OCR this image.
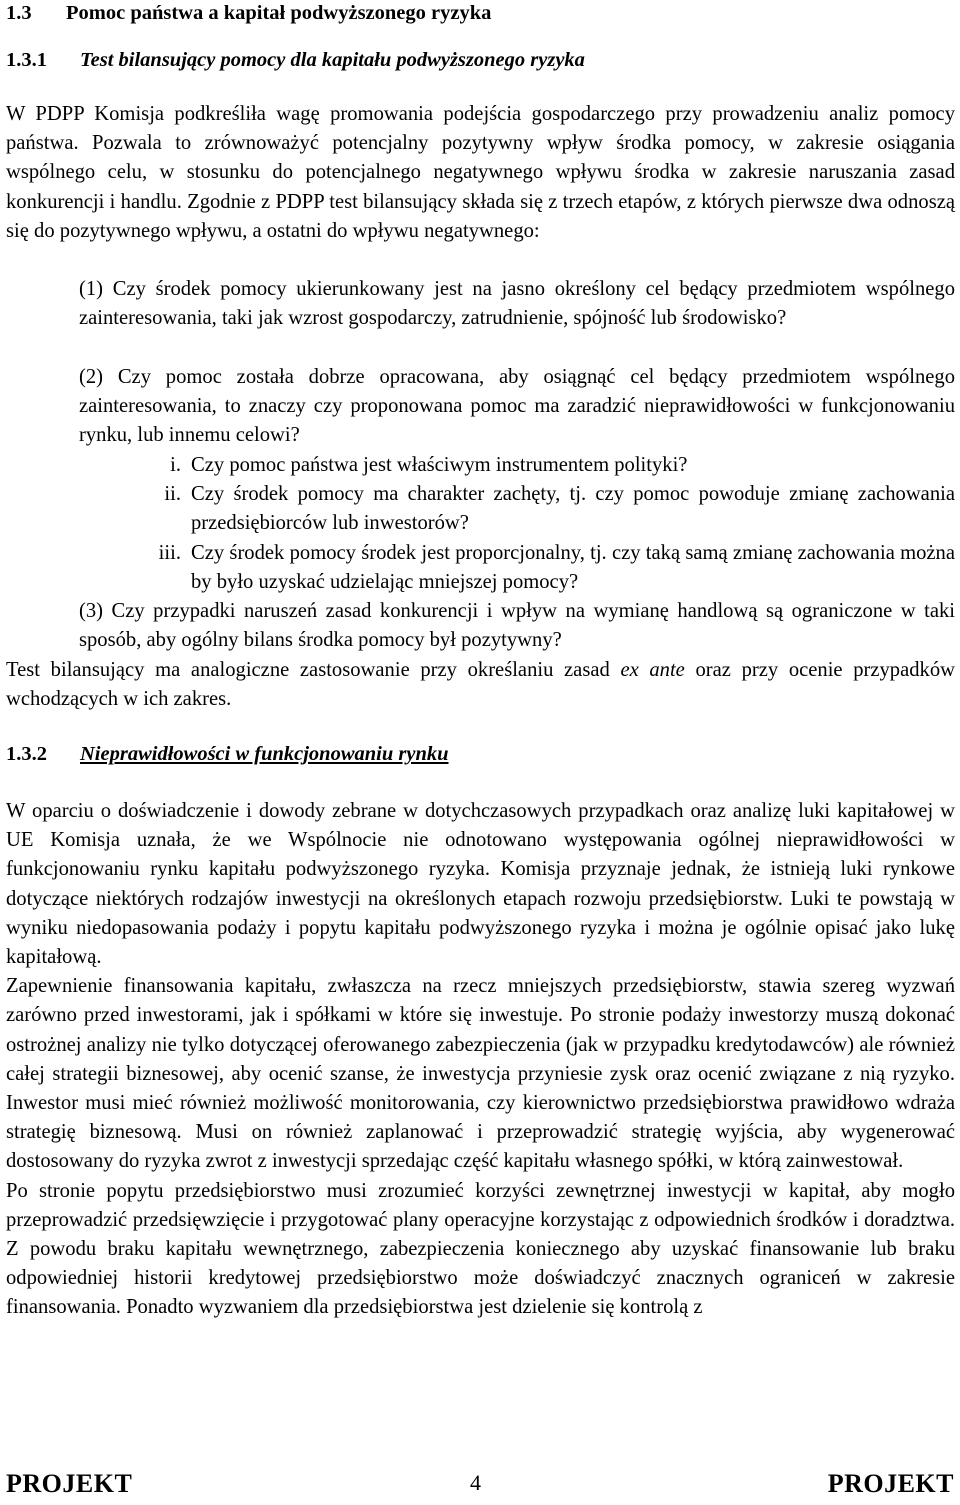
1.3 Pomoc państwa a kapitał podwyższonego ryzyka
1.3.1 Test bilansujący pomocy dla kapitału podwyższonego ryzyka

W PDPP Komisja podkreśliła wagę promowania podejścia gospodarczego przy prowadzeniu analiz pomocy państwa. Pozwala to zrównoważyć potencjalny pozytywny wpływ środka pomocy, w zakresie osiągania wspólnego celu, w stosunku do potencjalnego negatywnego wpływu środka w zakresie naruszania zasad konkurencji i handlu. Zgodnie z PDPP test bilansujący składa się z trzech etapów, z których pierwsze dwa odnoszą się do pozytywnego wpływu, a ostatni do wpływu negatywnego:

(1) Czy środek pomocy ukierunkowany jest na jasno określony cel będący przedmiotem wspólnego zainteresowania, taki jak wzrost gospodarczy, zatrudnienie, spójność lub środowisko?

(2) Czy pomoc została dobrze opracowana, aby osiągnąć cel będący przedmiotem wspólnego zainteresowania, to znaczy czy proponowana pomoc ma zaradzić nieprawidłowości w funkcjonowaniu rynku, lub innemu celowi?

i. Czy pomoc państwa jest właściwym instrumentem polityki?
ii. Czy środek pomocy ma charakter zachęty, tj. czy pomoc powoduje zmianę zachowania przedsiębiorców lub inwestorów?
iii. Czy środek pomocy środek jest proporcjonalny, tj. czy taką samą zmianę zachowania można by było uzyskać udzielając mniejszej pomocy?

(3) Czy przypadki naruszeń zasad konkurencji i wpływ na wymianę handlową są ograniczone w taki sposób, aby ogólny bilans środka pomocy był pozytywny?

Test bilansujący ma analogiczne zastosowanie przy określaniu zasad ex ante oraz przy ocenie przypadków wchodzących w ich zakres.

1.3.2 Nieprawidłowości w funkcjonowaniu rynku

W oparciu o doświadczenie i dowody zebrane w dotychczasowych przypadkach oraz analizę luki kapitałowej w UE Komisja uznała, że we Wspólnocie nie odnotowano występowania ogólnej nieprawidłowości w funkcjonowaniu rynku kapitału podwyższonego ryzyka. Komisja przyznaje jednak, że istnieją luki rynkowe dotyczące niektórych rodzajów inwestycji na określonych etapach rozwoju przedsiębiorstw. Luki te powstają w wyniku niedopasowania podaży i popytu kapitału podwyższonego ryzyka i można je ogólnie opisać jako lukę kapitałową.

Zapewnienie finansowania kapitału, zwłaszcza na rzecz mniejszych przedsiębiorstw, stawia szereg wyzwań zarówno przed inwestorami, jak i spółkami w które się inwestuje. Po stronie podaży inwestorzy muszą dokonać ostrożnej analizy nie tylko dotyczącej oferowanego zabezpieczenia (jak w przypadku kredytodawców) ale również całej strategii biznesowej, aby ocenić szanse, że inwestycja przyniesie zysk oraz ocenić związane z nią ryzyko. Inwestor musi mieć również możliwość monitorowania, czy kierownictwo przedsiębiorstwa prawidłowo wdraża strategię biznesową. Musi on również zaplanować i przeprowadzić strategię wyjścia, aby wygenerować dostosowany do ryzyka zwrot z inwestycji sprzedając część kapitału własnego spółki, w którą zainwestował.

Po stronie popytu przedsiębiorstwo musi zrozumieć korzyści zewnętrznej inwestycji w kapitał, aby mogło przeprowadzić przedsięwzięcie i przygotować plany operacyjne korzystając z odpowiednich środków i doradztwa. Z powodu braku kapitału wewnętrznego, zabezpieczenia koniecznego aby uzyskać finansowanie lub braku odpowiedniej historii kredytowej przedsiębiorstwo może doświadczyć znacznych ograniceń w zakresie finansowania. Ponadto wyzwaniem dla przedsiębiorstwa jest dzielenie się kontrolą z

PROJEKT	4	PROJEKT
